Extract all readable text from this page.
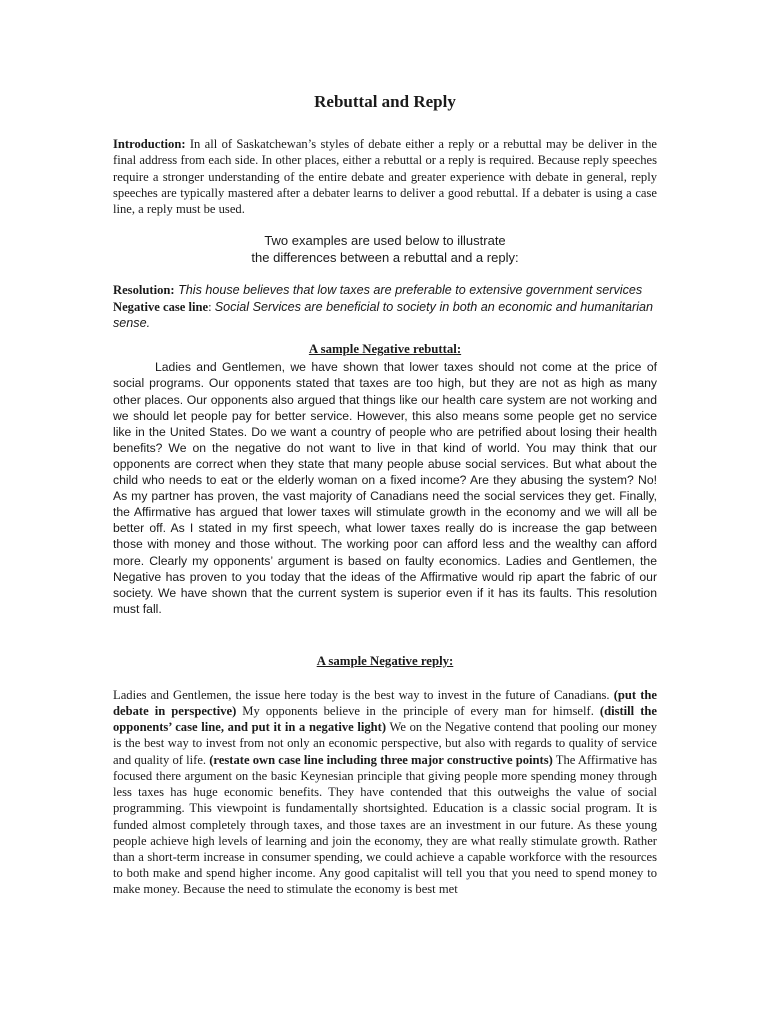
Rebuttal and Reply

Introduction: In all of Saskatchewan’s styles of debate either a reply or a rebuttal may be deliver in the final address from each side. In other places, either a rebuttal or a reply is required. Because reply speeches require a stronger understanding of the entire debate and greater experience with debate in general, reply speeches are typically mastered after a debater learns to deliver a good rebuttal. If a debater is using a case line, a reply must be used.

Two examples are used below to illustrate
the differences between a rebuttal and a reply:

Resolution: This house believes that low taxes are preferable to extensive government services

Negative case line: Social Services are beneficial to society in both an economic and humanitarian sense.

A sample Negative rebuttal:

Ladies and Gentlemen, we have shown that lower taxes should not come at the price of social programs. Our opponents stated that taxes are too high, but they are not as high as many other places. Our opponents also argued that things like our health care system are not working and we should let people pay for better service. However, this also means some people get no service like in the United States. Do we want a country of people who are petrified about losing their health benefits? We on the negative do not want to live in that kind of world. You may think that our opponents are correct when they state that many people abuse social services. But what about the child who needs to eat or the elderly woman on a fixed income? Are they abusing the system? No! As my partner has proven, the vast majority of Canadians need the social services they get. Finally, the Affirmative has argued that lower taxes will stimulate growth in the economy and we will all be better off. As I stated in my first speech, what lower taxes really do is increase the gap between those with money and those without. The working poor can afford less and the wealthy can afford more. Clearly my opponents’ argument is based on faulty economics. Ladies and Gentlemen, the Negative has proven to you today that the ideas of the Affirmative would rip apart the fabric of our society. We have shown that the current system is superior even if it has its faults. This resolution must fall.

A sample Negative reply:

Ladies and Gentlemen, the issue here today is the best way to invest in the future of Canadians. (put the debate in perspective) My opponents believe in the principle of every man for himself. (distill the opponents’ case line, and put it in a negative light) We on the Negative contend that pooling our money is the best way to invest from not only an economic perspective, but also with regards to quality of service and quality of life. (restate own case line including three major constructive points) The Affirmative has focused there argument on the basic Keynesian principle that giving people more spending money through less taxes has huge economic benefits. They have contended that this outweighs the value of social programming. This viewpoint is fundamentally shortsighted. Education is a classic social program. It is funded almost completely through taxes, and those taxes are an investment in our future. As these young people achieve high levels of learning and join the economy, they are what really stimulate growth. Rather than a short-term increase in consumer spending, we could achieve a capable workforce with the resources to both make and spend higher income. Any good capitalist will tell you that you need to spend money to make money. Because the need to stimulate the economy is best met
